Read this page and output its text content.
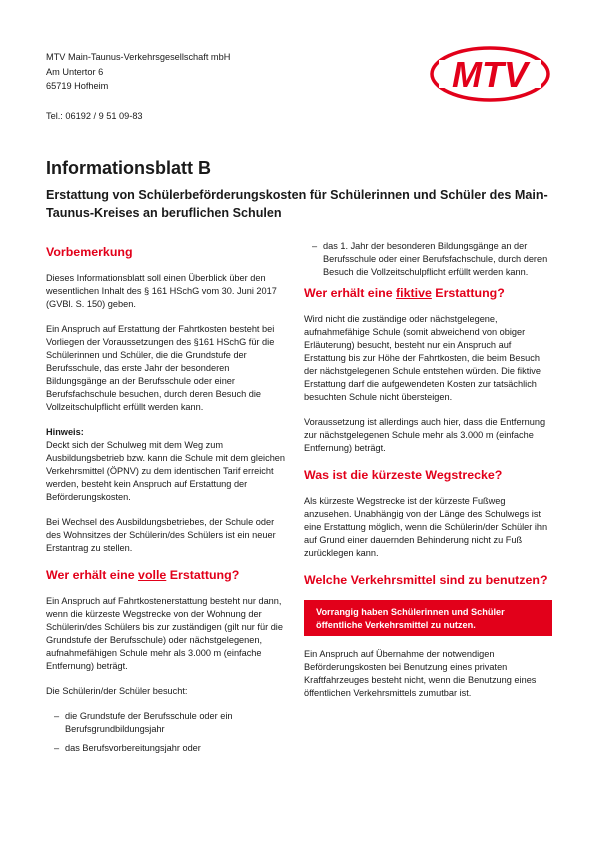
MTV Main-Taunus-Verkehrsgesellschaft mbH
Am Untertor 6
65719 Hofheim
Tel.: 06192 / 9 51 09-83
MTV
Informationsblatt B
Erstattung von Schülerbeförderungskosten für Schülerinnen und Schüler des Main-Taunus-Kreises an beruflichen Schulen
Vorbemerkung

Dieses Informationsblatt soll einen Überblick über den wesentlichen Inhalt des § 161 HSchG vom 30. Juni 2017 (GVBl. S. 150) geben.

Ein Anspruch auf Erstattung der Fahrtkosten besteht bei Vorliegen der Voraussetzungen des §161 HSchG für die Schülerinnen und Schüler, die die Grundstufe der Berufsschule, das erste Jahr der besonderen Bildungsgänge an der Berufsschule oder einer Berufsfachschule besuchen, durch deren Besuch die Vollzeitschulpflicht erfüllt werden kann.

Hinweis:
Deckt sich der Schulweg mit dem Weg zum Ausbildungsbetrieb bzw. kann die Schule mit dem gleichen Verkehrsmittel (ÖPNV) zu dem identischen Tarif erreicht werden, besteht kein Anspruch auf Erstattung der Beförderungskosten.

Bei Wechsel des Ausbildungsbetriebes, der Schule oder des Wohnsitzes der Schülerin/des Schülers ist ein neuer Erstantrag zu stellen.

Wer erhält eine volle Erstattung?

Ein Anspruch auf Fahrtkostenerstattung besteht nur dann, wenn die kürzeste Wegstrecke von der Wohnung der Schülerin/des Schülers bis zur zuständigen (gilt nur für die Grundstufe der Berufsschule) oder nächstgelegenen, aufnahmefähigen Schule mehr als 3.000 m (einfache Entfernung) beträgt.

Die Schülerin/der Schüler besucht:

– die Grundstufe der Berufsschule oder ein Berufsgrundbildungsjahr
– das Berufsvorbereitungsjahr oder
– das 1. Jahr der besonderen Bildungsgänge an der Berufsschule oder einer Berufsfachschule, durch deren Besuch die Vollzeitschulpflicht erfüllt werden kann.
Wer erhält eine fiktive Erstattung?

Wird nicht die zuständige oder nächstgelegene, aufnahmefähige Schule (somit abweichend von obiger Erläuterung) besucht, besteht nur ein Anspruch auf Erstattung bis zur Höhe der Fahrtkosten, die beim Besuch der nächstgelegenen Schule entstehen würden. Die fiktive Erstattung darf die aufgewendeten Kosten zur tatsächlich besuchten Schule nicht übersteigen.

Voraussetzung ist allerdings auch hier, dass die Entfernung zur nächstgelegenen Schule mehr als 3.000 m (einfache Entfernung) beträgt.

Was ist die kürzeste Wegstrecke?

Als kürzeste Wegstrecke ist der kürzeste Fußweg anzusehen. Unabhängig von der Länge des Schulwegs ist eine Erstattung möglich, wenn die Schülerin/der Schüler ihn auf Grund einer dauernden Behinderung nicht zu Fuß zurücklegen kann.

Welche Verkehrsmittel sind zu benutzen?
Vorrangig haben Schülerinnen und Schüler öffentliche Verkehrsmittel zu nutzen.

Ein Anspruch auf Übernahme der notwendigen Beförderungskosten bei Benutzung eines privaten Kraftfahrzeuges besteht nicht, wenn die Benutzung eines öffentlichen Verkehrsmittels zumutbar ist.
